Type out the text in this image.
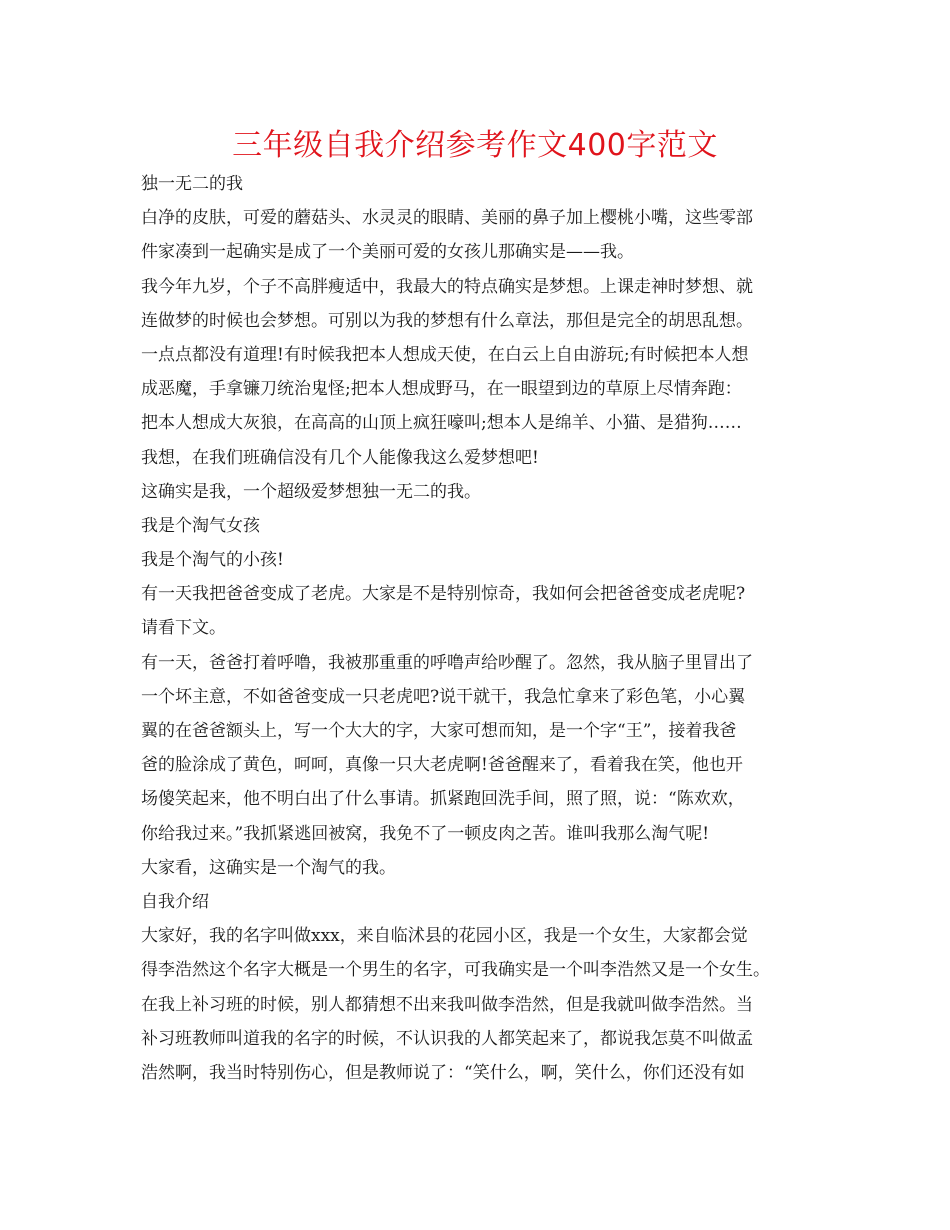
三年级自我介绍参考作文400字范文

独一无二的我

白净的皮肤，可爱的蘑菇头、水灵灵的眼睛、美丽的鼻子加上樱桃小嘴，这些零部

件家凑到一起确实是成了一个美丽可爱的女孩儿那确实是——我。

我今年九岁，个子不高胖瘦适中，我最大的特点确实是梦想。上课走神时梦想、就

连做梦的时候也会梦想。可别以为我的梦想有什么章法，那但是完全的胡思乱想。

一点点都没有道理!有时候我把本人想成天使，在白云上自由游玩;有时候把本人想

成恶魔，手拿镰刀统治鬼怪;把本人想成野马，在一眼望到边的草原上尽情奔跑：

把本人想成大灰狼，在高高的山顶上疯狂嚎叫;想本人是绵羊、小猫、是猎狗……

我想，在我们班确信没有几个人能像我这么爱梦想吧!

这确实是我，一个超级爱梦想独一无二的我。

我是个淘气女孩

我是个淘气的小孩!

有一天我把爸爸变成了老虎。大家是不是特别惊奇，我如何会把爸爸变成老虎呢?

请看下文。

有一天，爸爸打着呼噜，我被那重重的呼噜声给吵醒了。忽然，我从脑子里冒出了

一个坏主意，不如爸爸变成一只老虎吧?说干就干，我急忙拿来了彩色笔，小心翼

翼的在爸爸额头上，写一个大大的字，大家可想而知，是一个字“王”，接着我爸

爸的脸涂成了黄色，呵呵，真像一只大老虎啊!爸爸醒来了，看着我在笑，他也开

场傻笑起来，他不明白出了什么事请。抓紧跑回洗手间，照了照，说：“陈欢欢，

你给我过来。”我抓紧逃回被窝，我免不了一顿皮肉之苦。谁叫我那么淘气呢!

大家看，这确实是一个淘气的我。

自我介绍

大家好，我的名字叫做xxx，来自临沭县的花园小区，我是一个女生，大家都会觉

得李浩然这个名字大概是一个男生的名字，可我确实是一个叫李浩然又是一个女生。

在我上补习班的时候，别人都猜想不出来我叫做李浩然，但是我就叫做李浩然。当

补习班教师叫道我的名字的时候，不认识我的人都笑起来了，都说我怎莫不叫做孟

浩然啊，我当时特别伤心，但是教师说了：“笑什么，啊，笑什么，你们还没有如
